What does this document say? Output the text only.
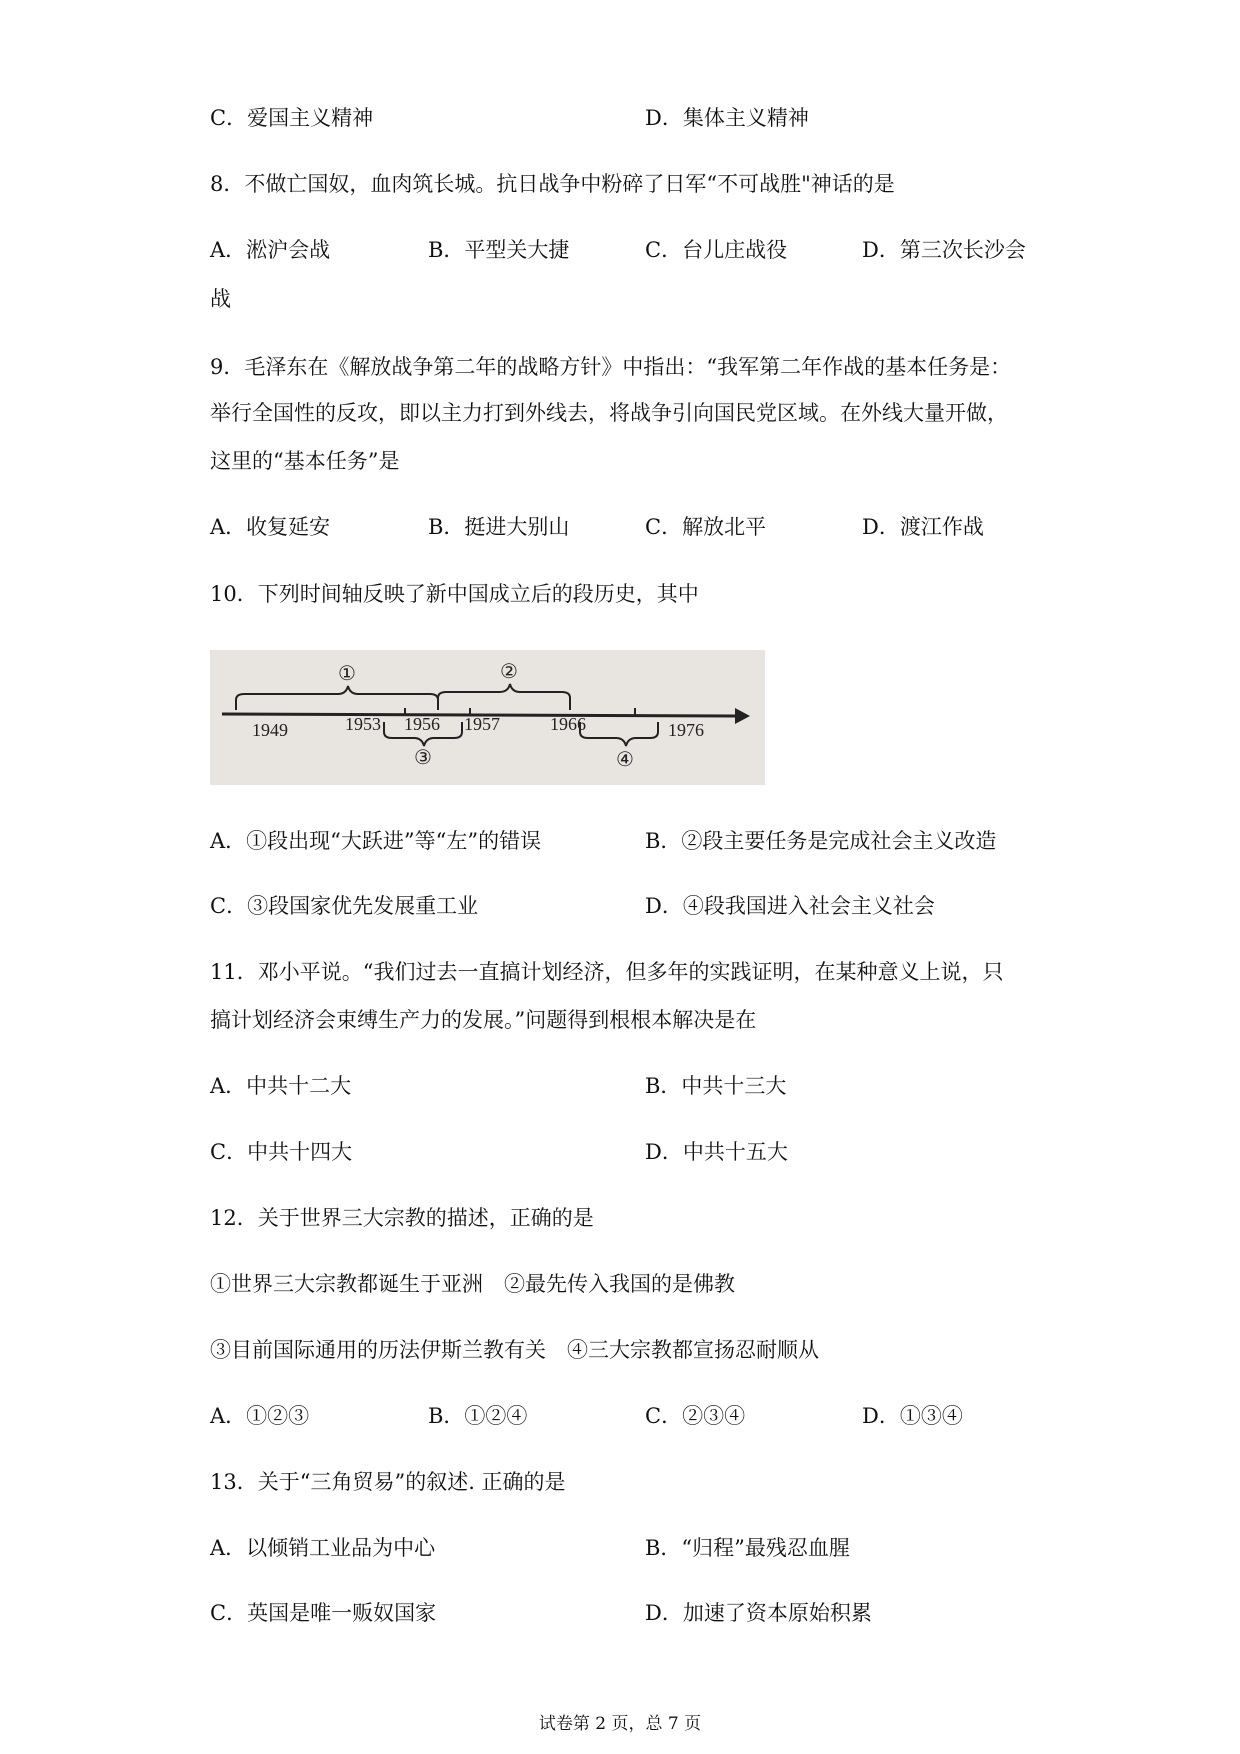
C．爱国主义精神	D．集体主义精神
8．不做亡国奴，血肉筑长城。抗日战争中粉碎了日军“不可战胜"神话的是
A．淞沪会战	B．平型关大捷	C．台儿庄战役	D．第三次长沙会
战
9．毛泽东在《解放战争第二年的战略方针》中指出：“我军第二年作战的基本任务是：
举行全国性的反攻，即以主力打到外线去，将战争引向国民党区域。在外线大量开做，
这里的“基本任务”是
A．收复延安	B．挺进大别山	C．解放北平	D．渡江作战
10．下列时间轴反映了新中国成立后的段历史，其中
1949	1953 1956 1957	1966	1976
①	②
③	④
A．①段出现“大跃进”等“左”的错误	B．②段主要任务是完成社会主义改造
C．③段国家优先发展重工业	D．④段我国进入社会主义社会
11．邓小平说。“我们过去一直搞计划经济，但多年的实践证明，在某种意义上说，只
搞计划经济会束缚生产力的发展。”问题得到根根本解决是在
A．中共十二大	B．中共十三大
C．中共十四大	D．中共十五大
12．关于世界三大宗教的描述，正确的是
①世界三大宗教都诞生于亚洲　②最先传入我国的是佛教
③目前国际通用的历法伊斯兰教有关　④三大宗教都宣扬忍耐顺从
A．①②③	B．①②④	C．②③④	D．①③④
13．关于“三角贸易”的叙述. 正确的是
A．以倾销工业品为中心	B．“归程”最残忍血腥
C．英国是唯一贩奴国家	D．加速了资本原始积累
试卷第 2 页，总 7 页
